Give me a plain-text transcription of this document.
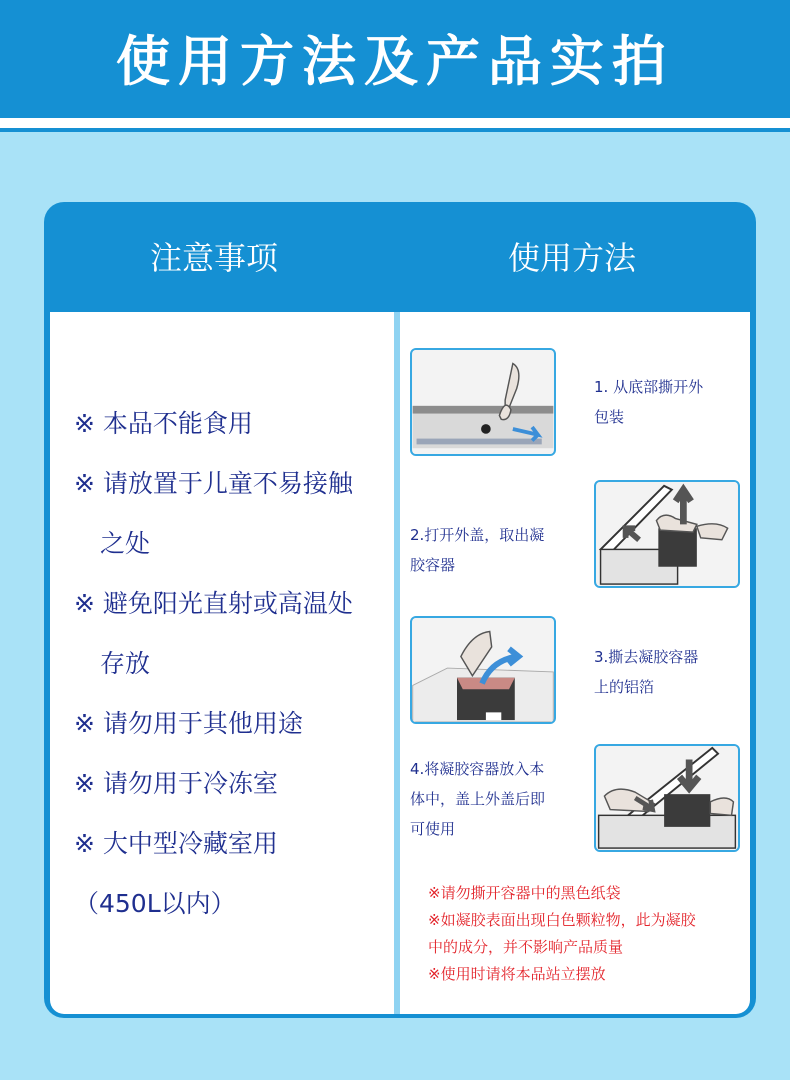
使用方法及产品实拍
注意事项	使用方法
※ 本品不能食用
※ 请放置于儿童不易接触
之处
※ 避免阳光直射或高温处
存放
※ 请勿用于其他用途
※ 请勿用于冷冻室
※ 大中型冷藏室用
（450L以内）
1. 从底部撕开外
包装
2.打开外盖，取出凝
胶容器
3.撕去凝胶容器
上的铝箔
4.将凝胶容器放入本
体中，盖上外盖后即
可使用
※请勿撕开容器中的黑色纸袋
※如凝胶表面出现白色颗粒物，此为凝胶
中的成分，并不影响产品质量
※使用时请将本品站立摆放
